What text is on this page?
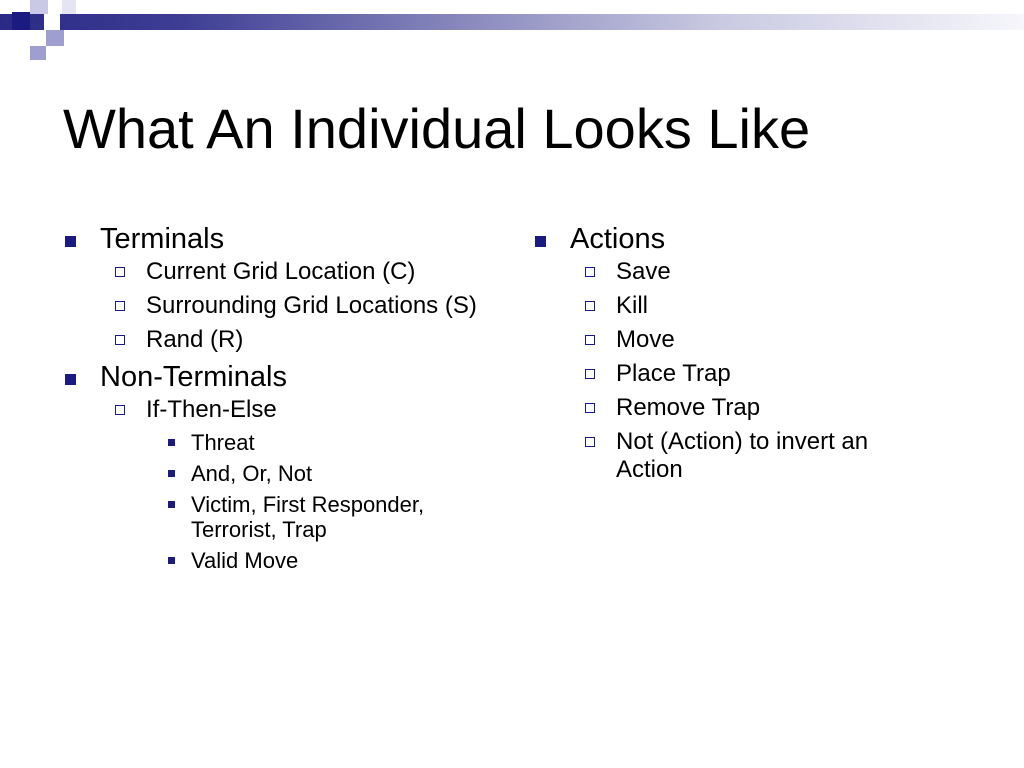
What An Individual Looks Like
Terminals
Current Grid Location (C)
Surrounding Grid Locations (S)
Rand (R)
Non-Terminals
If-Then-Else
Threat
And, Or, Not
Victim, First Responder, Terrorist, Trap
Valid Move
Actions
Save
Kill
Move
Place Trap
Remove Trap
Not (Action) to invert an Action
